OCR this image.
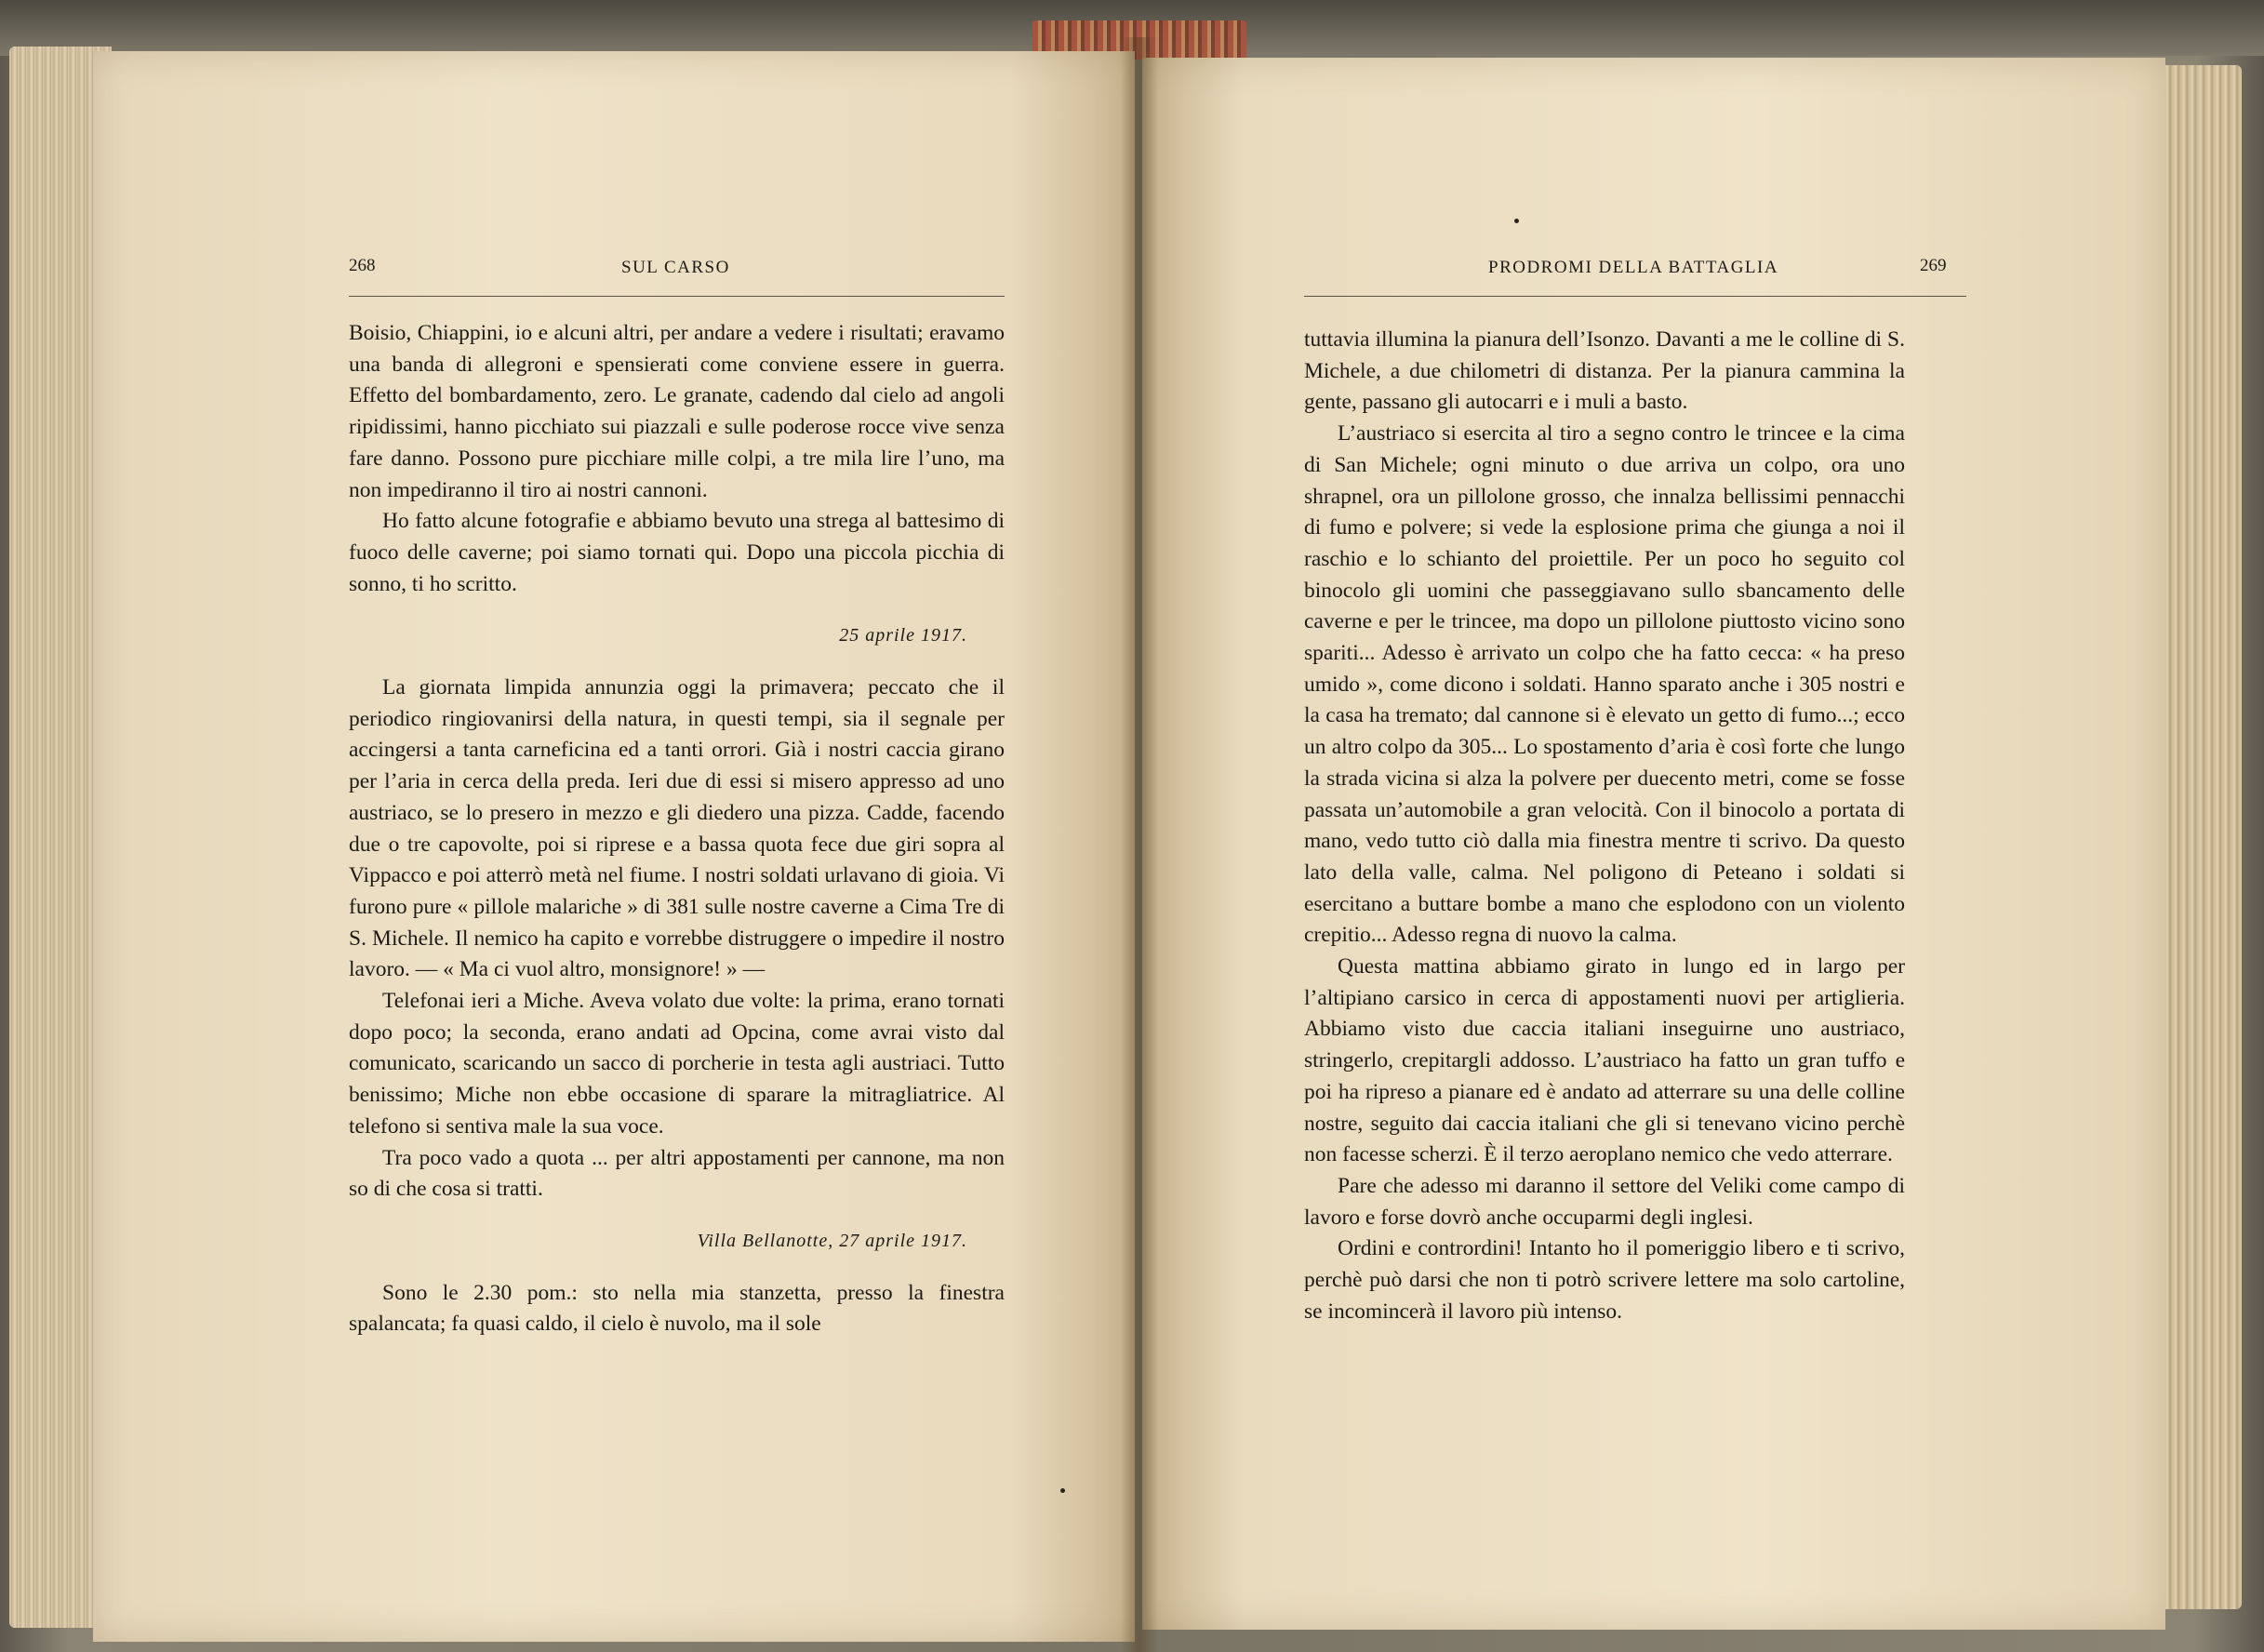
268	SUL CARSO

Boisio, Chiappini, io e alcuni altri, per andare a vedere i risultati; eravamo una banda di allegroni e spensierati come conviene essere in guerra. Effetto del bombardamento, zero. Le granate, cadendo dal cielo ad angoli ripidissimi, hanno picchiato sui piazzali e sulle poderose rocce vive senza fare danno. Possono pure picchiare mille colpi, a tre mila lire l’uno, ma non impediranno il tiro ai nostri cannoni.

Ho fatto alcune fotografie e abbiamo bevuto una strega al battesimo di fuoco delle caverne; poi siamo tornati qui. Dopo una piccola picchia di sonno, ti ho scritto.

25 aprile 1917.

La giornata limpida annunzia oggi la primavera; peccato che il periodico ringiovanirsi della natura, in questi tempi, sia il segnale per accingersi a tanta carneficina ed a tanti orrori. Già i nostri caccia girano per l’aria in cerca della preda. Ieri due di essi si misero appresso ad uno austriaco, se lo presero in mezzo e gli diedero una pizza. Cadde, facendo due o tre capovolte, poi si riprese e a bassa quota fece due giri sopra al Vippacco e poi atterrò metà nel fiume. I nostri soldati urlavano di gioia. Vi furono pure « pillole malariche » di 381 sulle nostre caverne a Cima Tre di S. Michele. Il nemico ha capito e vorrebbe distruggere o impedire il nostro lavoro. — « Ma ci vuol altro, monsignore! » —

Telefonai ieri a Miche. Aveva volato due volte: la prima, erano tornati dopo poco; la seconda, erano andati ad Opcina, come avrai visto dal comunicato, scaricando un sacco di porcherie in testa agli austriaci. Tutto benissimo; Miche non ebbe occasione di sparare la mitragliatrice. Al telefono si sentiva male la sua voce.

Tra poco vado a quota ... per altri appostamenti per cannone, ma non so di che cosa si tratti.

Villa Bellanotte, 27 aprile 1917.

Sono le 2.30 pom.: sto nella mia stanzetta, presso la finestra spalancata; fa quasi caldo, il cielo è nuvolo, ma il sole

PRODROMI DELLA BATTAGLIA	269

tuttavia illumina la pianura dell’Isonzo. Davanti a me le colline di S. Michele, a due chilometri di distanza. Per la pianura cammina la gente, passano gli autocarri e i muli a basto.

L’austriaco si esercita al tiro a segno contro le trincee e la cima di San Michele; ogni minuto o due arriva un colpo, ora uno shrapnel, ora un pillolone grosso, che innalza bellissimi pennacchi di fumo e polvere; si vede la esplosione prima che giunga a noi il raschio e lo schianto del proiettile. Per un poco ho seguito col binocolo gli uomini che passeggiavano sullo sbancamento delle caverne e per le trincee, ma dopo un pillolone piuttosto vicino sono spariti... Adesso è arrivato un colpo che ha fatto cecca: « ha preso umido », come dicono i soldati. Hanno sparato anche i 305 nostri e la casa ha tremato; dal cannone si è elevato un getto di fumo...; ecco un altro colpo da 305... Lo spostamento d’aria è così forte che lungo la strada vicina si alza la polvere per duecento metri, come se fosse passata un’automobile a gran velocità. Con il binocolo a portata di mano, vedo tutto ciò dalla mia finestra mentre ti scrivo. Da questo lato della valle, calma. Nel poligono di Peteano i soldati si esercitano a buttare bombe a mano che esplodono con un violento crepitio... Adesso regna di nuovo la calma.

Questa mattina abbiamo girato in lungo ed in largo per l’altipiano carsico in cerca di appostamenti nuovi per artiglieria. Abbiamo visto due caccia italiani inseguirne uno austriaco, stringerlo, crepitargli addosso. L’austriaco ha fatto un gran tuffo e poi ha ripreso a pianare ed è andato ad atterrare su una delle colline nostre, seguito dai caccia italiani che gli si tenevano vicino perchè non facesse scherzi. È il terzo aeroplano nemico che vedo atterrare.

Pare che adesso mi daranno il settore del Veliki come campo di lavoro e forse dovrò anche occuparmi degli inglesi.

Ordini e contrordini! Intanto ho il pomeriggio libero e ti scrivo, perchè può darsi che non ti potrò scrivere lettere ma solo cartoline, se incomincerà il lavoro più intenso.
